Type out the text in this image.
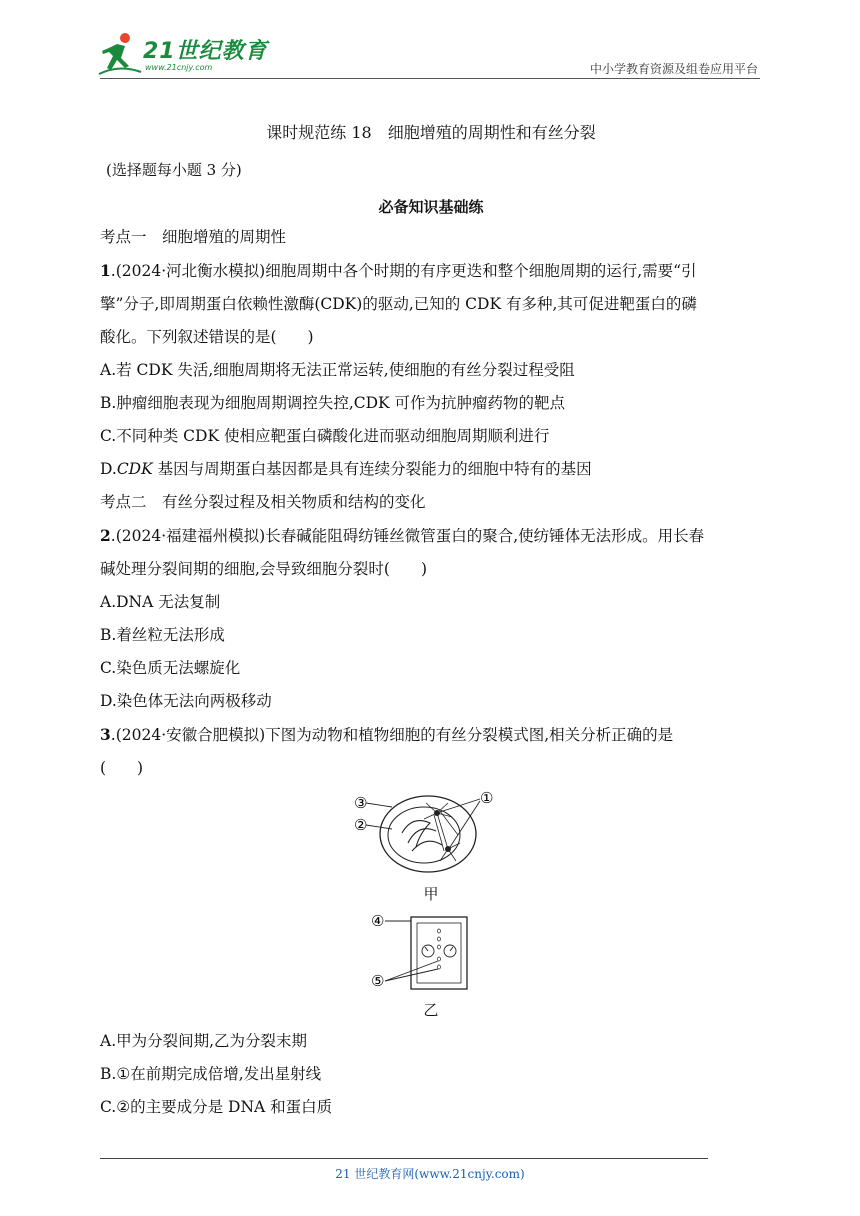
21世纪教育
www.21cnjy.com	中小学教育资源及组卷应用平台

课时规范练 18　细胞增殖的周期性和有丝分裂

(选择题每小题 3 分)

必备知识基础练

考点一　细胞增殖的周期性

1.(2024·河北衡水模拟)细胞周期中各个时期的有序更迭和整个细胞周期的运行,需要“引

擎”分子,即周期蛋白依赖性激酶(CDK)的驱动,已知的 CDK 有多种,其可促进靶蛋白的磷

酸化。下列叙述错误的是(　　)

A.若 CDK 失活,细胞周期将无法正常运转,使细胞的有丝分裂过程受阻

B.肿瘤细胞表现为细胞周期调控失控,CDK 可作为抗肿瘤药物的靶点

C.不同种类 CDK 使相应靶蛋白磷酸化进而驱动细胞周期顺利进行

D.CDK 基因与周期蛋白基因都是具有连续分裂能力的细胞中特有的基因

考点二　有丝分裂过程及相关物质和结构的变化

2.(2024·福建福州模拟)长春碱能阻碍纺锤丝微管蛋白的聚合,使纺锤体无法形成。用长春

碱处理分裂间期的细胞,会导致细胞分裂时(　　)

A.DNA 无法复制

B.着丝粒无法形成

C.染色质无法螺旋化

D.染色体无法向两极移动

3.(2024·安徽合肥模拟)下图为动物和植物细胞的有丝分裂模式图,相关分析正确的是

(　　)

③
②
①

甲

④
⑤

乙

A.甲为分裂间期,乙为分裂末期

B.①在前期完成倍增,发出星射线

C.②的主要成分是 DNA 和蛋白质

21 世纪教育网(www.21cnjy.com)
